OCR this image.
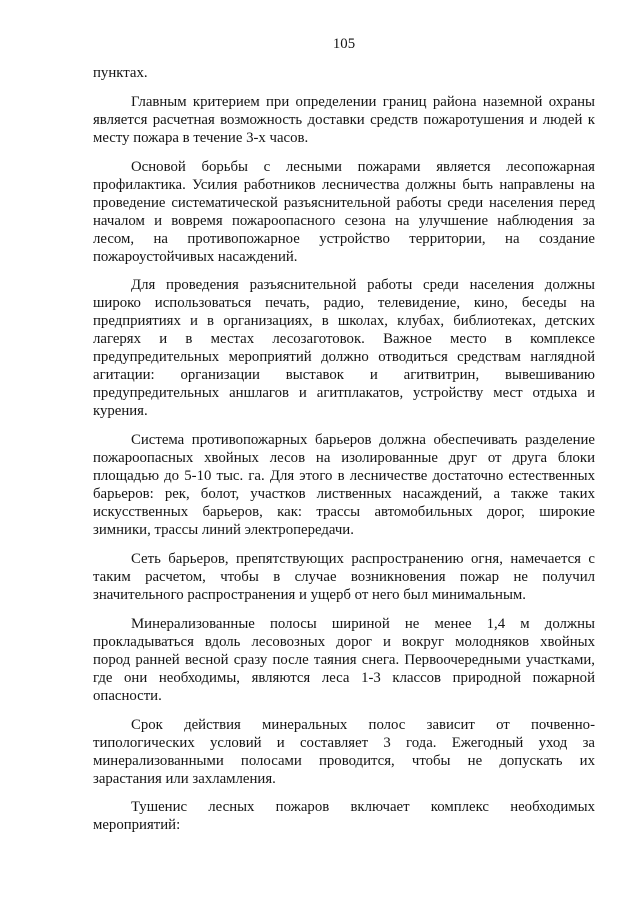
105
пунктах.
Главным критерием при определении границ района наземной охраны
является расчетная возможность доставки средств пожаротушения и людей к
месту пожара в течение 3-х часов.
Основой борьбы с лесными пожарами является лесопожарная
профилактика. Усилия работников лесничества должны быть направлены на
проведение систематической разъяснительной работы среди населения перед
началом и вовремя пожароопасного сезона на улучшение наблюдения за
лесом, на противопожарное устройство территории, на создание
пожароустойчивых насаждений.
Для проведения разъяснительной работы среди населения должны
широко использоваться печать, радио, телевидение, кино, беседы на
предприятиях и в организациях, в школах, клубах, библиотеках, детских
лагерях и в местах лесозаготовок. Важное место в комплексе
предупредительных мероприятий должно отводиться средствам наглядной
агитации: организации выставок и агитвитрин, вывешиванию
предупредительных аншлагов и агитплакатов, устройству мест отдыха и
курения.
Система противопожарных барьеров должна обеспечивать разделение
пожароопасных хвойных лесов на изолированные друг от друга блоки
площадью до 5-10 тыс. га. Для этого в лесничестве достаточно естественных
барьеров: рек, болот, участков лиственных насаждений, а также таких
искусственных барьеров, как: трассы автомобильных дорог, широкие
зимники, трассы линий электропередачи.
Сеть барьеров, препятствующих распространению огня, намечается с
таким расчетом, чтобы в случае возникновения пожар не получил
значительного распространения и ущерб от него был минимальным.
Минерализованные полосы шириной не менее 1,4 м должны
прокладываться вдоль лесовозных дорог и вокруг молодняков хвойных
пород ранней весной сразу после таяния снега. Первоочередными участками,
где они необходимы, являются леса 1-3 классов природной пожарной
опасности.
Срок действия минеральных полос зависит от почвенно-
типологических условий и составляет 3 года. Ежегодный уход за
минерализованными полосами проводится, чтобы не допускать их
зарастания или захламления.
Тушенис лесных пожаров включает комплекс необходимых
мероприятий:
